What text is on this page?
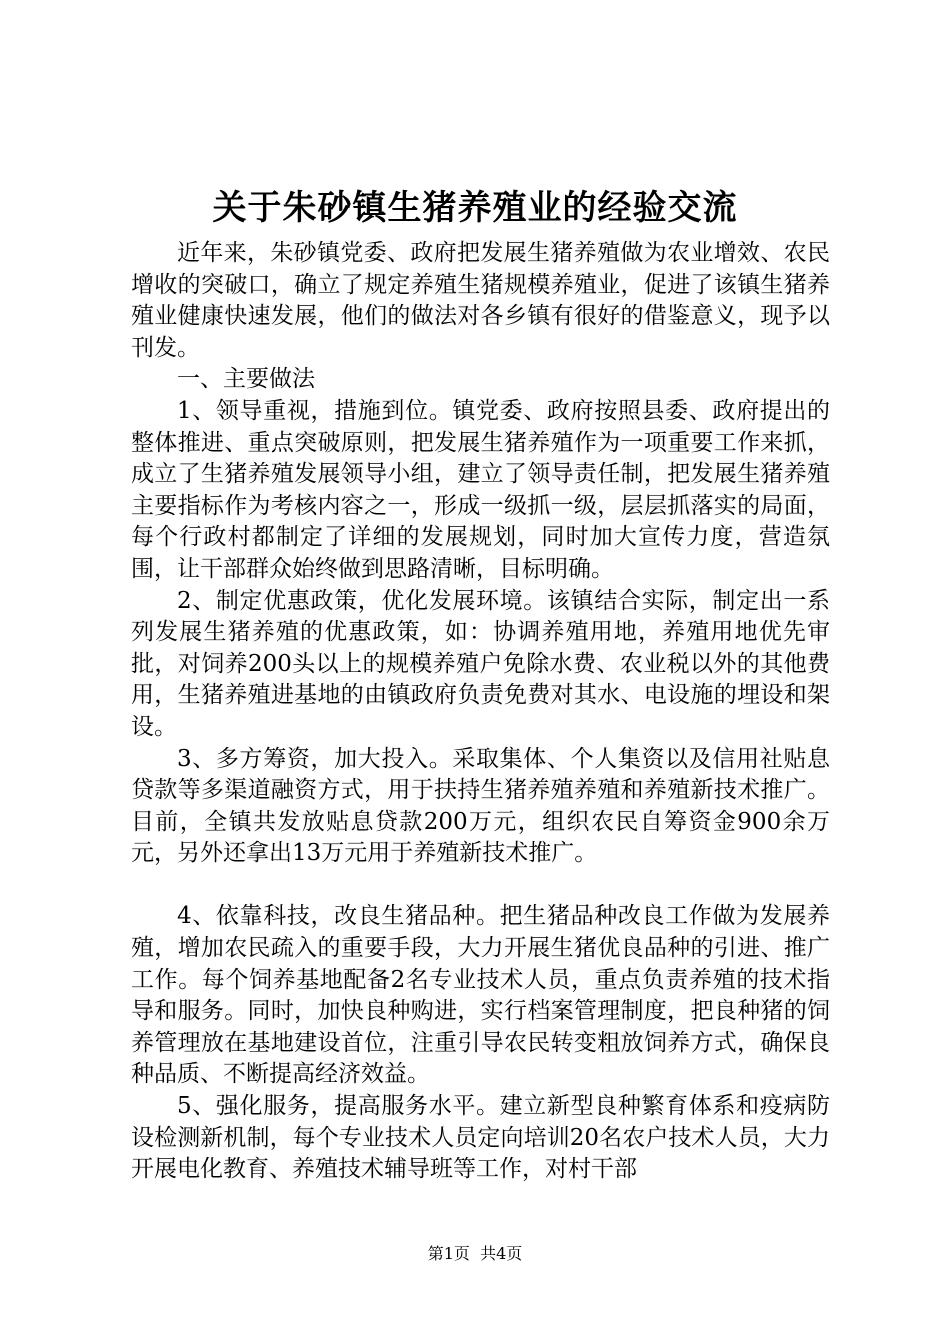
关于朱砂镇生猪养殖业的经验交流

近年来，朱砂镇党委、政府把发展生猪养殖做为农业增效、农民增收的突破口，确立了规定养殖生猪规模养殖业，促进了该镇生猪养殖业健康快速发展，他们的做法对各乡镇有很好的借鉴意义，现予以刊发。

一、主要做法

1、领导重视，措施到位。镇党委、政府按照县委、政府提出的整体推进、重点突破原则，把发展生猪养殖作为一项重要工作来抓，成立了生猪养殖发展领导小组，建立了领导责任制，把发展生猪养殖主要指标作为考核内容之一，形成一级抓一级，层层抓落实的局面，每个行政村都制定了详细的发展规划，同时加大宣传力度，营造氛围，让干部群众始终做到思路清晰，目标明确。

2、制定优惠政策，优化发展环境。该镇结合实际，制定出一系列发展生猪养殖的优惠政策，如：协调养殖用地，养殖用地优先审批，对饲养200头以上的规模养殖户免除水费、农业税以外的其他费用，生猪养殖进基地的由镇政府负责免费对其水、电设施的埋设和架设。

3、多方筹资，加大投入。采取集体、个人集资以及信用社贴息贷款等多渠道融资方式，用于扶持生猪养殖养殖和养殖新技术推广。目前，全镇共发放贴息贷款200万元，组织农民自筹资金900余万元，另外还拿出13万元用于养殖新技术推广。

4、依靠科技，改良生猪品种。把生猪品种改良工作做为发展养殖，增加农民疏入的重要手段，大力开展生猪优良品种的引进、推广工作。每个饲养基地配备2名专业技术人员，重点负责养殖的技术指导和服务。同时，加快良种购进，实行档案管理制度，把良种猪的饲养管理放在基地建设首位，注重引导农民转变粗放饲养方式，确保良种品质、不断提高经济效益。

5、强化服务，提高服务水平。建立新型良种繁育体系和疫病防设检测新机制，每个专业技术人员定向培训20名农户技术人员，大力开展电化教育、养殖技术辅导班等工作，对村干部

第1页  共4页
